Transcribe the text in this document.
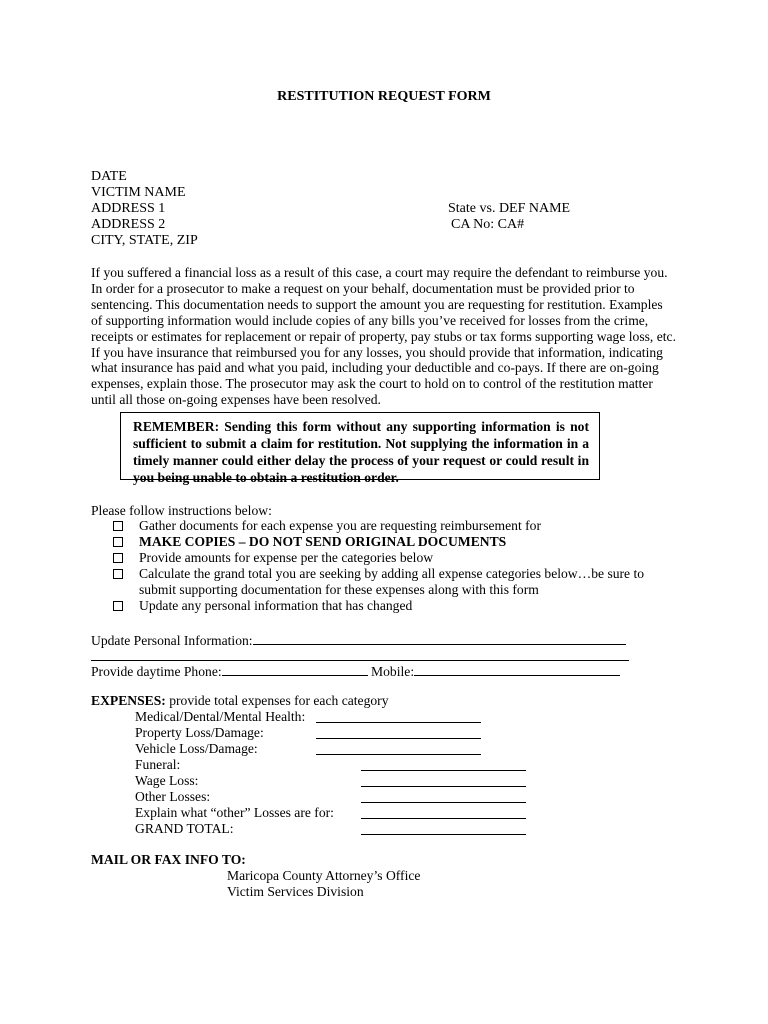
RESTITUTION REQUEST FORM
DATE
VICTIM NAME
ADDRESS 1
ADDRESS 2
CITY, STATE, ZIP
State vs. DEF NAME
CA No: CA#

If you suffered a financial loss as a result of this case, a court may require the defendant to reimburse you. In order for a prosecutor to make a request on your behalf, documentation must be provided prior to sentencing. This documentation needs to support the amount you are requesting for restitution. Examples of supporting information would include copies of any bills you’ve received for losses from the crime, receipts or estimates for replacement or repair of property, pay stubs or tax forms supporting wage loss, etc. If you have insurance that reimbursed you for any losses, you should provide that information, indicating what insurance has paid and what you paid, including your deductible and co-pays. If there are on-going expenses, explain those. The prosecutor may ask the court to hold on to control of the restitution matter until all those on-going expenses have been resolved.

REMEMBER: Sending this form without any supporting information is not sufficient to submit a claim for restitution. Not supplying the information in a timely manner could either delay the process of your request or could result in you being unable to obtain a restitution order.
Please follow instructions below:
Gather documents for each expense you are requesting reimbursement for
MAKE COPIES – DO NOT SEND ORIGINAL DOCUMENTS
Provide amounts for expense per the categories below
Calculate the grand total you are seeking by adding all expense categories below…be sure to submit supporting documentation for these expenses along with this form
Update any personal information that has changed
Update Personal Information:
Provide daytime Phone:	Mobile:
EXPENSES: provide total expenses for each category
Medical/Dental/Mental Health:
Property Loss/Damage:
Vehicle Loss/Damage:
Funeral:
Wage Loss:
Other Losses:
Explain what “other” Losses are for:
GRAND TOTAL:
MAIL OR FAX INFO TO:
Maricopa County Attorney’s Office
Victim Services Division
